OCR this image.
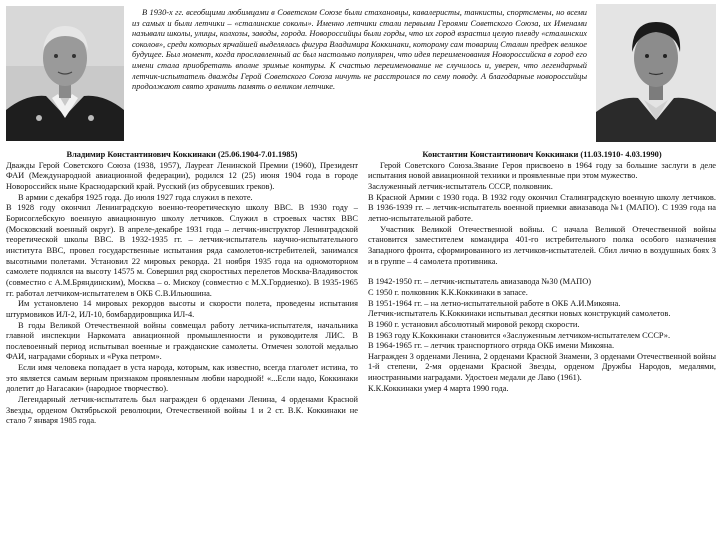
В 1930-х гг. всеобщими любимцами в Советском Союзе были стахановцы, кавалеристы, танкисты, спортсмены, но всеми из самых и были летчики – «сталинские соколы». Именно летчики стали первыми Героями Советского Союза, их Именами называли школы, улицы, колхозы, заводы, города. Новороссийцы были горды, что их город взрастил целую плеяду «сталинских соколов», среди которых ярчайшей выделялась фигура Владимира Коккинаки, которому сам товарищ Сталин предрек великое будущее. Был момент, когда прославленный ас был настолько популярен, что идея переименования Новороссийска в город его имени стала приобретать вполне зримые контуры. К счастью переименование не случилось и, уверен, что легендарный летчик-испытатель дважды Герой Советского Союза ничуть не расстроился по сему поводу. А благодарные новороссийцы продолжают свято хранить память о великом летчике.

Владимир Константинович Коккинаки (25.06.1904-7.01.1985)

Дважды Герой Советского Союза (1938, 1957), Лауреат Ленинской Премии (1960), Президент ФАИ (Международной авиационной федерации), родился 12 (25) июня 1904 года в городе Новороссийск ныне Краснодарский край. Русский (из обрусевших греков).

В армии с декабря 1925 года. До июля 1927 года служил в пехоте.

В 1928 году окончил Ленинградскую военно-теоретическую школу ВВС. В 1930 году – Борисоглебскую военную авиационную школу летчиков. Служил в строевых частях ВВС (Московский военный округ). В апреле-декабре 1931 года – летчик-инструктор Ленинградской теоретической школы ВВС. В 1932-1935 гг. – летчик-испытатель научно-испытательного института ВВС, провел государственные испытания ряда самолетов-истребителей, занимался высотными полетами. Установил 22 мировых рекорда. 21 ноября 1935 года на одномоторном самолете поднялся на высоту 14575 м. Совершил ряд скоростных перелетов Москва-Владивосток (совместно с А.М.Бряндинским), Москва – о. Мискоу (совместно с М.Х.Гордиенко). В 1935-1965 гг. работал летчиком-испытателем в ОКБ С.В.Ильюшина.

Им установлено 14 мировых рекордов высоты и скорости полета, проведены испытания штурмовиков ИЛ-2, ИЛ-10, бомбардировщика ИЛ-4.

В годы Великой Отечественной войны совмещал работу летчика-испытателя, начальника главной инспекции Наркомата авиационной промышленности и руководителя ЛИС. В послевоенный период испытывал военные и гражданские самолеты. Отмечен золотой медалью ФАИ, наградами сборных и «Рука петром».

Если имя человека попадает в уста народа, которым, как известно, всегда глаголет истина, то это является самым верным признаком проявленным любви народной! «...Если надо, Коккинаки долетит до Нагасаки» (народное творчество).

Легендарный летчик-испытатель был награжден 6 орденами Ленина, 4 орденами Красной Звезды, орденом Октябрьской революции, Отечественной войны 1 и 2 ст. В.К. Коккинаки не стало 7 января 1985 года.

Константин Константинович Коккинаки (11.03.1910- 4.03.1990)

Герой Советского Союза.Звание Героя присвоено в 1964 году за большие заслуги в деле испытания новой авиационной техники и проявленные при этом мужество.

Заслуженный летчик-испытатель СССР, полковник.

В Красной Армии с 1930 года. В 1932 году окончил Сталинградскую военную школу летчиков. В 1936-1939 гг. – летчик-испытатель военной приемки авиазавода №1 (МАПО). С 1939 года на летно-испытательной работе.

Участник Великой Отечественной войны. С начала Великой Отечественной войны становится заместителем командира 401-го истребительного полка особого назначения Западного фронта, сформированного из летчиков-испытателей. Сбил лично в воздушных боях 3 и в группе – 4 самолета противника.

В 1942-1950 гг. – летчик-испытатель авиазавода №30 (МАПО)

С 1950 г. полковник К.К.Коккинаки в запасе.

В 1951-1964 гг. – на летно-испытательной работе в ОКБ А.И.Микояна.

Летчик-испытатель К.Коккинаки испытывал десятки новых конструкций самолетов.

В 1960 г. установил абсолютный мировой рекорд скорости.

В 1963 году К.Коккинаки становится «Заслуженным летчиком-испытателем СССР».

В 1964-1965 гг. – летчик транспортного отряда ОКБ имени Микояна.

Награжден 3 орденами Ленина, 2 орденами Красной Знамени, 3 орденами Отечественной войны 1-й степени, 2-мя орденами Красной Звезды, орденом Дружбы Народов, медалями, иностранными наградами. Удостоен медали де Лаво (1961).

К.К.Коккинаки умер 4 марта 1990 года.
